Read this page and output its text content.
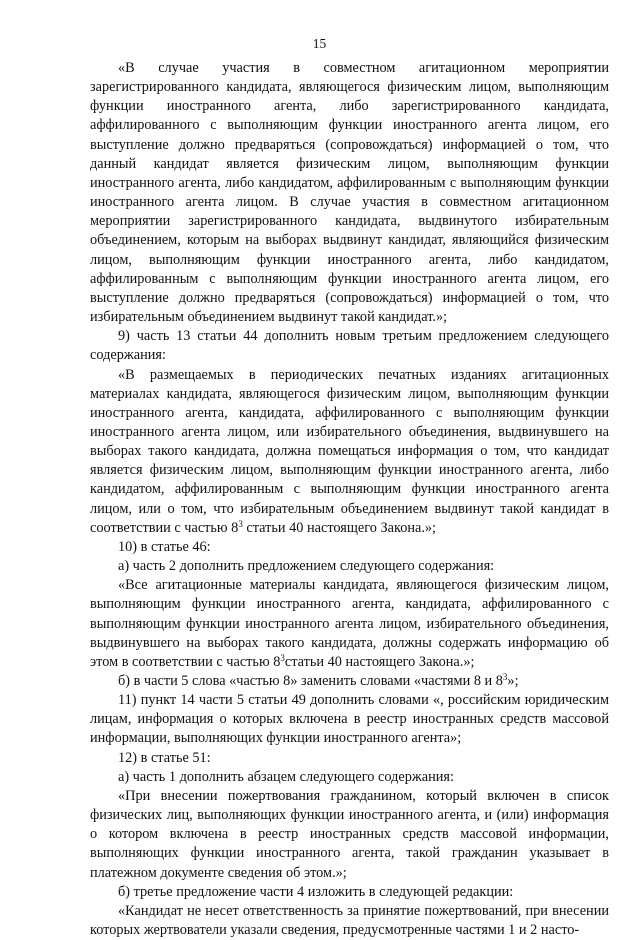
15

«В случае участия в совместном агитационном мероприятии зарегистрированного кандидата, являющегося физическим лицом, выполняющим функции иностранного агента, либо зарегистрированного кандидата, аффилированного с выполняющим функции иностранного агента лицом, его выступление должно предваряться (сопровождаться) информацией о том, что данный кандидат является физическим лицом, выполняющим функции иностранного агента, либо кандидатом, аффилированным с выполняющим функции иностранного агента лицом. В случае участия в совместном агитационном мероприятии зарегистрированного кандидата, выдвинутого избирательным объединением, которым на выборах выдвинут кандидат, являющийся физическим лицом, выполняющим функции иностранного агента, либо кандидатом, аффилированным с выполняющим функции иностранного агента лицом, его выступление должно предваряться (сопровождаться) информацией о том, что избирательным объединением выдвинут такой кандидат.»;

9) часть 13 статьи 44 дополнить новым третьим предложением следующего содержания:

«В размещаемых в периодических печатных изданиях агитационных материалах кандидата, являющегося физическим лицом, выполняющим функции иностранного агента, кандидата, аффилированного с выполняющим функции иностранного агента лицом, или избирательного объединения, выдвинувшего на выборах такого кандидата, должна помещаться информация о том, что кандидат является физическим лицом, выполняющим функции иностранного агента, либо кандидатом, аффилированным с выполняющим функции иностранного агента лицом, или о том, что избирательным объединением выдвинут такой кандидат в соответствии с частью $8^3$ статьи 40 настоящего Закона.»;

10) в статье 46:

а) часть 2 дополнить предложением следующего содержания:

«Все агитационные материалы кандидата, являющегося физическим лицом, выполняющим функции иностранного агента, кандидата, аффилированного с выполняющим функции иностранного агента лицом, избирательного объединения, выдвинувшего на выборах такого кандидата, должны содержать информацию об этом в соответствии с частью $8^3статьи$ 40 настоящего Закона.»;

б) в части 5 слова «частью 8» заменить словами «частями 8 и $8^3$»;

11) пункт 14 части 5 статьи 49 дополнить словами «, российским юридическим лицам, информация о которых включена в реестр иностранных средств массовой информации, выполняющих функции иностранного агента»;

12) в статье 51:

а) часть 1 дополнить абзацем следующего содержания:

«При внесении пожертвования гражданином, который включен в список физических лиц, выполняющих функции иностранного агента, и (или) информация о котором включена в реестр иностранных средств массовой информации, выполняющих функции иностранного агента, такой гражданин указывает в платежном документе сведения об этом.»;

б) третье предложение части 4 изложить в следующей редакции:

«Кандидат не несет ответственность за принятие пожертвований, при внесении которых жертвователи указали сведения, предусмотренные частями 1 и 2 насто-
